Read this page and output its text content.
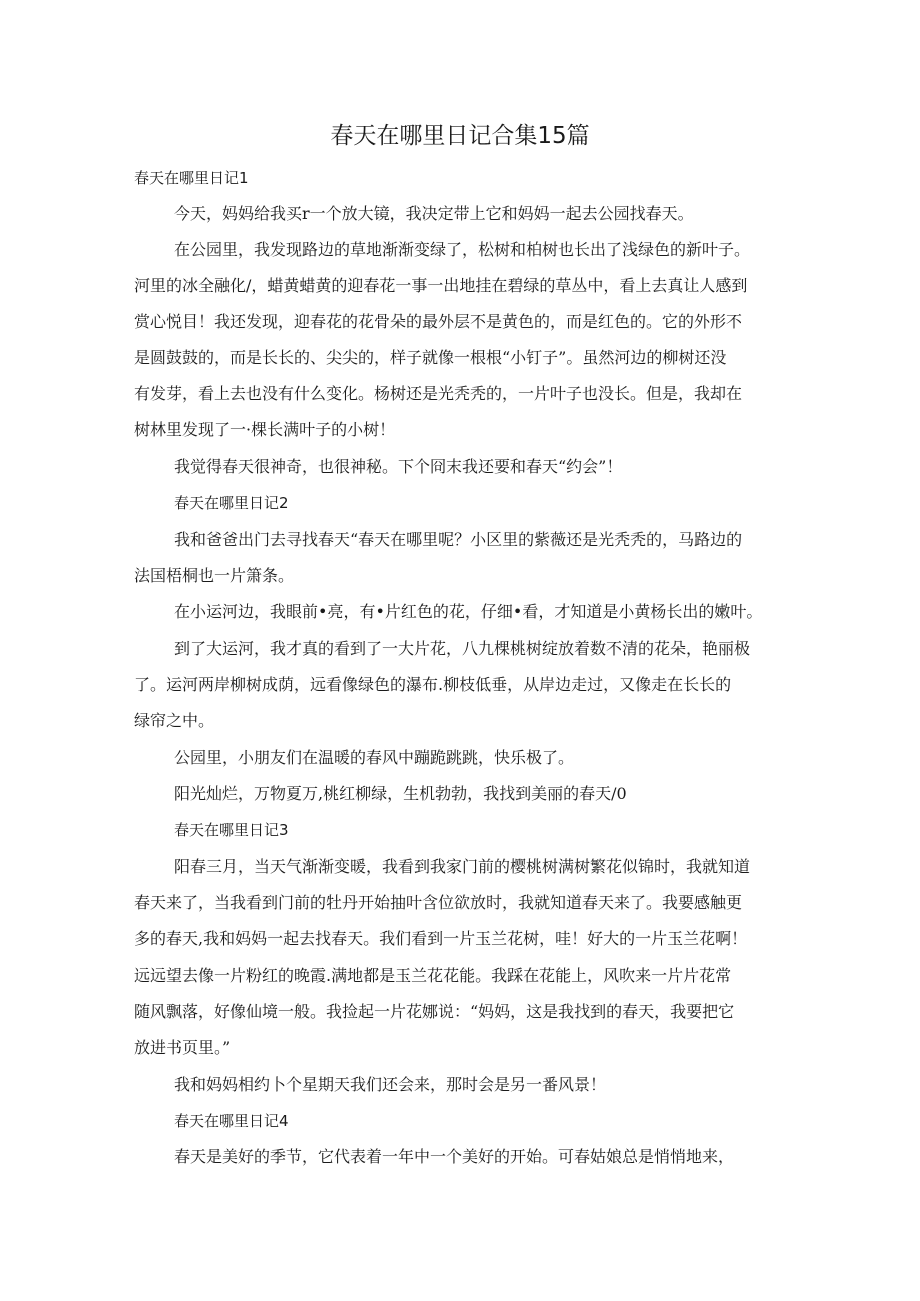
春天在哪里日记合集15篇
春天在哪里日记1
今天，妈妈给我买r一个放大镜，我决定带上它和妈妈一起去公园找春天。
在公园里，我发现路边的草地渐渐变绿了，松树和柏树也长出了浅绿色的新叶子。
河里的冰全融化/，蜡黄蜡黄的迎春花一事一出地挂在碧绿的草丛中，看上去真让人感到
赏心悦目！我还发现，迎春花的花骨朵的最外层不是黄色的，而是红色的。它的外形不
是圆鼓鼓的，而是长长的、尖尖的，样子就像一根根“小钉子”。虽然河边的柳树还没
有发芽，看上去也没有什么变化。杨树还是光秃秃的，一片叶子也没长。但是，我却在
树林里发现了一·棵长满叶子的小树！
我觉得春天很神奇，也很神秘。下个冏末我还要和春天“约会”！
春天在哪里日记2
我和爸爸出门去寻找春天“春天在哪里呢？小区里的紫薇还是光秃秃的，马路边的
法国梧桐也一片箫条。
在小运河边，我眼前•亮，有•片红色的花，仔细•看，才知道是小黄杨长出的嫩叶。
到了大运河，我才真的看到了一大片花，八九棵桃树绽放着数不清的花朵，艳丽极
了。运河两岸柳树成荫，远看像绿色的瀑布.柳枝低垂，从岸边走过，又像走在长长的
绿帘之中。
公园里，小朋友们在温暖的春风中蹦跪跳跳，快乐极了。
阳光灿烂，万物夏万,桃红柳绿，生机勃勃，我找到美丽的春天/0
春天在哪里日记3
阳春三月，当天气渐渐变暖，我看到我家门前的樱桃树满树繁花似锦时，我就知道
春天来了，当我看到门前的牡丹开始抽叶含位欲放时，我就知道春天来了。我要感触更
多的春天,我和妈妈一起去找春天。我们看到一片玉兰花树，哇！好大的一片玉兰花啊！
远远望去像一片粉红的晚霞.满地都是玉兰花花能。我踩在花能上，风吹来一片片花常
随风飘落，好像仙境一般。我捡起一片花娜说：“妈妈，这是我找到的春天，我要把它
放进书页里。”
我和妈妈相约卜个星期天我们还会来，那时会是另一番风景！
春天在哪里日记4
春天是美好的季节，它代表着一年中一个美好的开始。可春姑娘总是悄悄地来，
